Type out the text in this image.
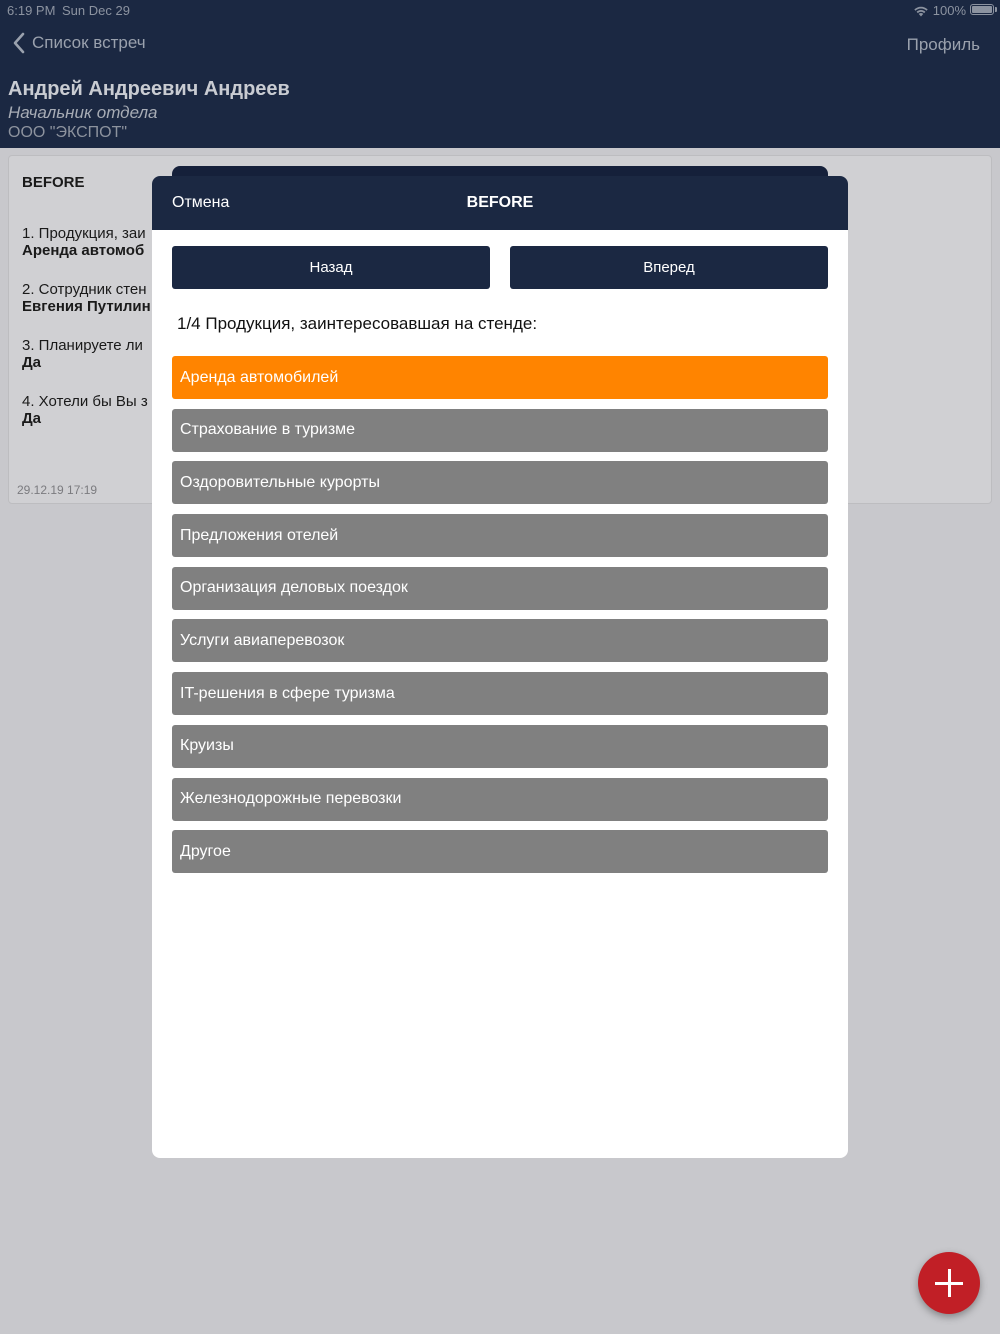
6:19 PM Sun Dec 29	100%
Список встреч	Профиль
Андрей Андреевич Андреев
Начальник отдела
ООО "ЭКСПОТ"
BEFORE
1. Продукция, заи
Аренда автомоб
2. Сотрудник стен
Евгения Путилин
3. Планируете ли
Да
4. Хотели бы Вы з
Да
29.12.19 17:19
Отмена	BEFORE
Назад	Вперед
1/4 Продукция, заинтересовавшая на стенде:
Аренда автомобилей
Страхование в туризме
Оздоровительные курорты
Предложения отелей
Организация деловых поездок
Услуги авиаперевозок
IT-решения в сфере туризма
Круизы
Железнодорожные перевозки
Другое
